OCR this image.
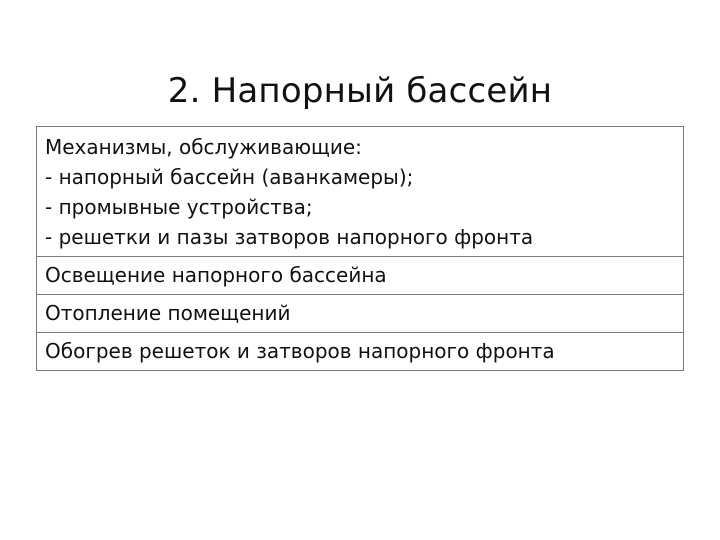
2. Напорный бассейн
Механизмы, обслуживающие:
- напорный бассейн (аванкамеры);
- промывные устройства;
- решетки и пазы затворов напорного фронта
Освещение напорного бассейна
Отопление помещений
Обогрев решеток и затворов напорного фронта
